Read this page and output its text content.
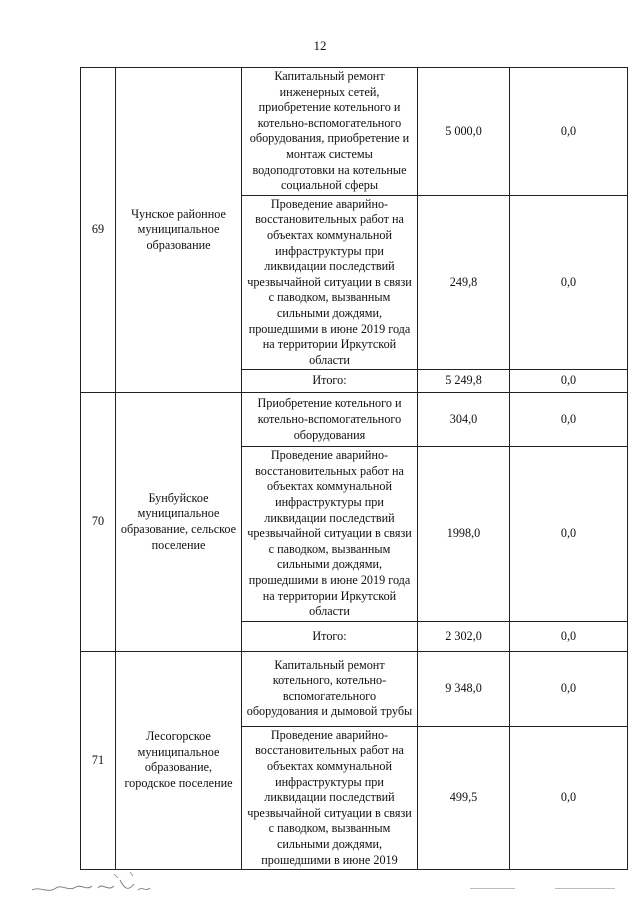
12
69	Чунское районное муниципальное образование	Капитальный ремонт инженерных сетей, приобретение котельного и котельно-вспомогательного оборудования, приобретение и монтаж системы водоподготовки на котельные социальной сферы	5 000,0	0,0
		Проведение аварийно-восстановительных работ на объектах коммунальной инфраструктуры при ликвидации последствий чрезвычайной ситуации в связи с паводком, вызванным сильными дождями, прошедшими в июне 2019 года на территории Иркутской области	249,8	0,0
		Итого:	5 249,8	0,0
70	Бунбуйское муниципальное образование, сельское поселение	Приобретение котельного и котельно-вспомогательного оборудования	304,0	0,0
		Проведение аварийно-восстановительных работ на объектах коммунальной инфраструктуры при ликвидации последствий чрезвычайной ситуации в связи с паводком, вызванным сильными дождями, прошедшими в июне 2019 года на территории Иркутской области	1998,0	0,0
		Итого:	2 302,0	0,0
71	Лесогорское муниципальное образование, городское поселение	Капитальный ремонт котельного, котельно-вспомогательного оборудования и дымовой трубы	9 348,0	0,0
		Проведение аварийно-восстановительных работ на объектах коммунальной инфраструктуры при ликвидации последствий чрезвычайной ситуации в связи с паводком, вызванным сильными дождями, прошедшими в июне 2019	499,5	0,0
